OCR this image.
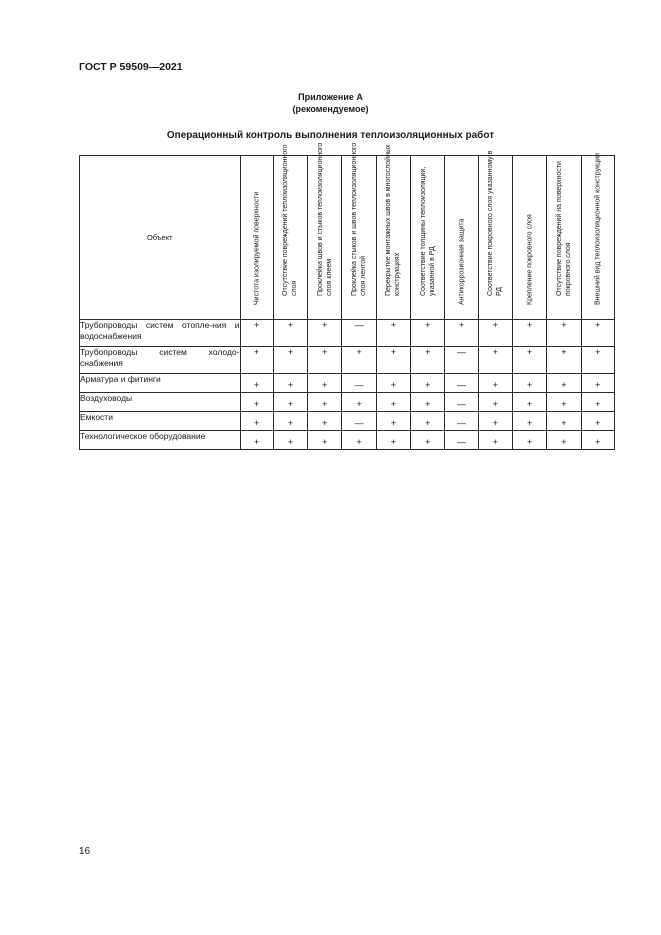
ГОСТ Р 59509—2021
Приложение А
(рекомендуемое)
Операционный контроль выполнения теплоизоляционных работ
Объект	Чистота изолируемой поверхности	Отсутствие повреждений теплоизоляционного слоя	Проклейка швов и стыков теплоизоляционного слоя клеем	Проклейка стыков и швов теплоизоляционного слоя лентой	Перекрытие монтажных швов в многослойных конструкциях	Соответствие толщины теплоизоляции, указанной в РД	Антикоррозионная защита	Соответствие покровного слоя указанному в РД	Крепление покровного слоя	Отсутствие повреждений на поверхности покровного слоя	Внешний вид теплоизоляционной конструкции

Трубопроводы систем отопле-ния и водоснабжения	+	+	+	—	+	+	+	+	+	+	+
Трубопроводы систем холодо-снабжения	+	+	+	+	+	+	—	+	+	+	+
Арматура и фитинги	+	+	+	—	+	+	—	+	+	+	+
Воздуховоды	+	+	+	+	+	+	—	+	+	+	+
Емкости	+	+	+	—	+	+	—	+	+	+	+
Технологическое оборудование	+	+	+	+	+	+	—	+	+	+	+
16
